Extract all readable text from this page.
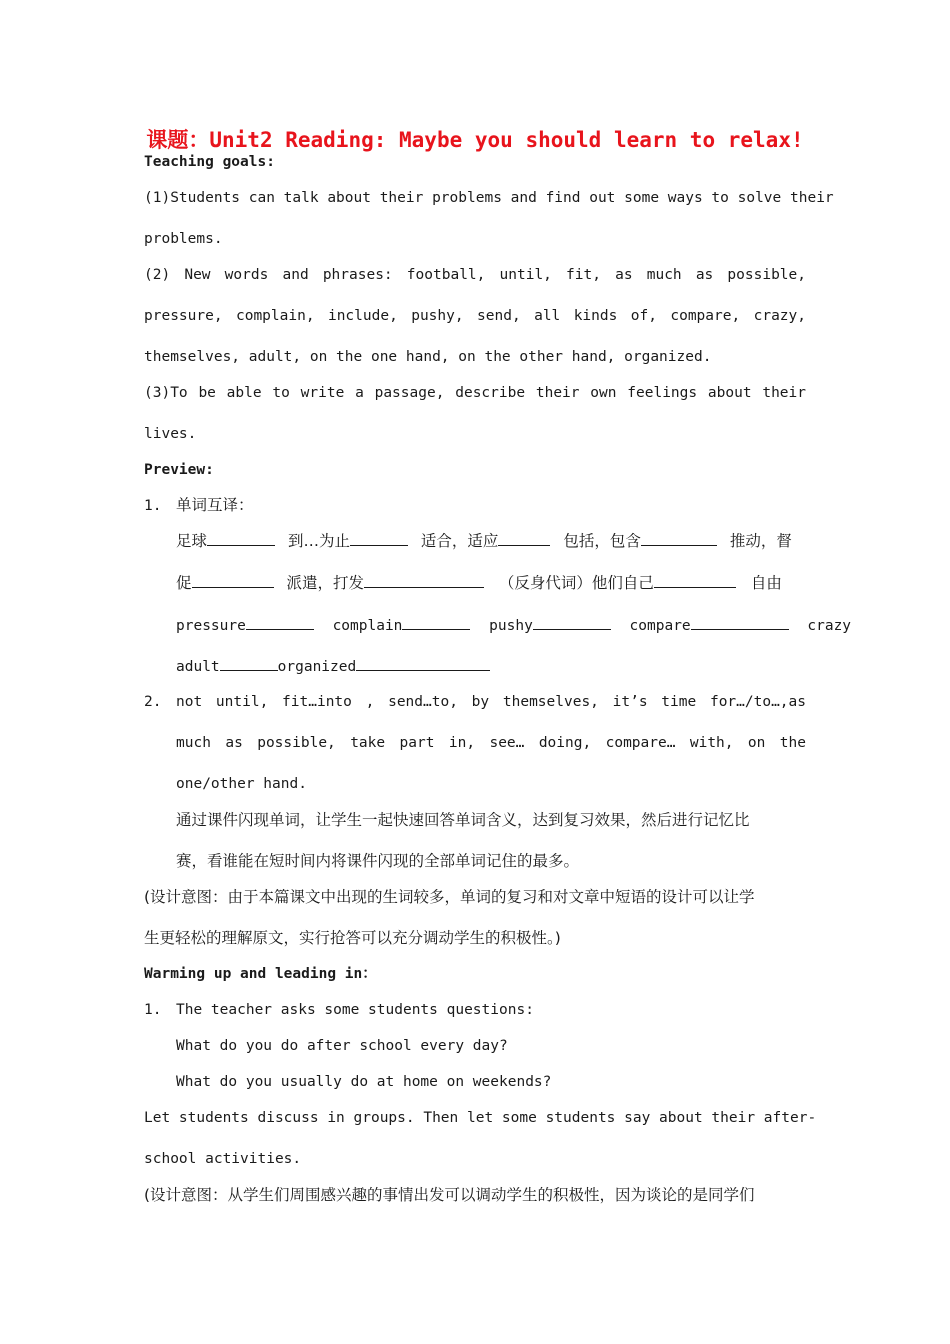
课题：Unit2 Reading: Maybe you should learn to relax!
Teaching goals:
(1)Students can talk about their problems and find out some ways to solve their
problems.
(2) New words and phrases: football, until, fit, as much as possible,
pressure, complain, include, pushy, send, all kinds of, compare, crazy,
themselves, adult, on the one hand, on the other hand, organized.
(3)To be able to write a passage, describe their own feelings about their
lives.
Preview:
1. 单词互译：
足球	到…为止	适合，适应	包括，包含	推动，督
促	派遣，打发	（反身代词）他们自己	自由
pressure	complain	pushy	compare	crazy
adult	organized
2. not until, fit…into , send…to, by themselves, it’s time for…/to…,as
much as possible, take part in, see… doing, compare… with, on the
one/other hand.
通过课件闪现单词，让学生一起快速回答单词含义，达到复习效果，然后进行记忆比
赛，看谁能在短时间内将课件闪现的全部单词记住的最多。
(设计意图：由于本篇课文中出现的生词较多，单词的复习和对文章中短语的设计可以让学
生更轻松的理解原文，实行抢答可以充分调动学生的积极性。)
Warming up and leading in：
1. The teacher asks some students questions:
What do you do after school every day?
What do you usually do at home on weekends?
Let students discuss in groups. Then let some students say about their after-
school activities.
(设计意图：从学生们周围感兴趣的事情出发可以调动学生的积极性，因为谈论的是同学们
